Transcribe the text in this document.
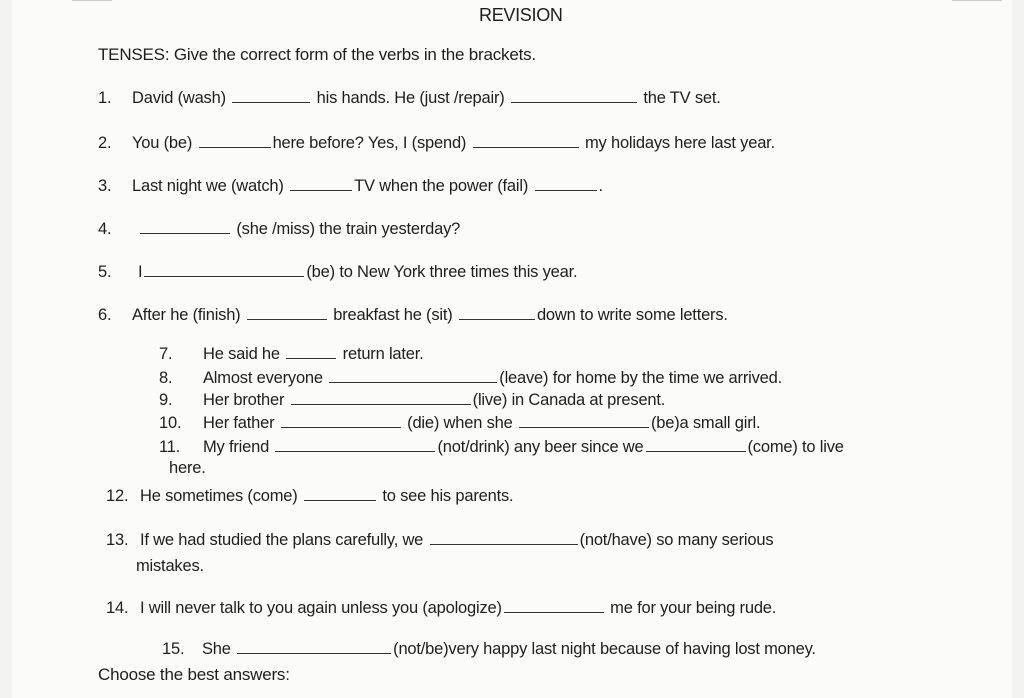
REVISION
TENSES: Give the correct form of the verbs in the brackets.
1. David (wash)	his hands. He (just /repair)	the TV set.
2. You (be)	here before? Yes, I (spend)	my holidays here last year.
3. Last night we (watch)	TV when the power (fail)	.
4.	(she /miss) the train yesterday?
5. I	(be) to New York three times this year.
6. After he (finish)	breakfast he (sit)	down to write some letters.
7. He said he	return later.
8. Almost everyone	(leave) for home by the time we arrived.
9. Her brother	(live) in Canada at present.
10. Her father	(die) when she	(be)a small girl.
11. My friend	(not/drink) any beer since we	(come) to live
here.
12. He sometimes (come)	to see his parents.
13. If we had studied the plans carefully, we	(not/have) so many serious
mistakes.
14. I will never talk to you again unless you (apologize)	me for your being rude.
15. She	(not/be)very happy last night because of having lost money.
Choose the best answers:
